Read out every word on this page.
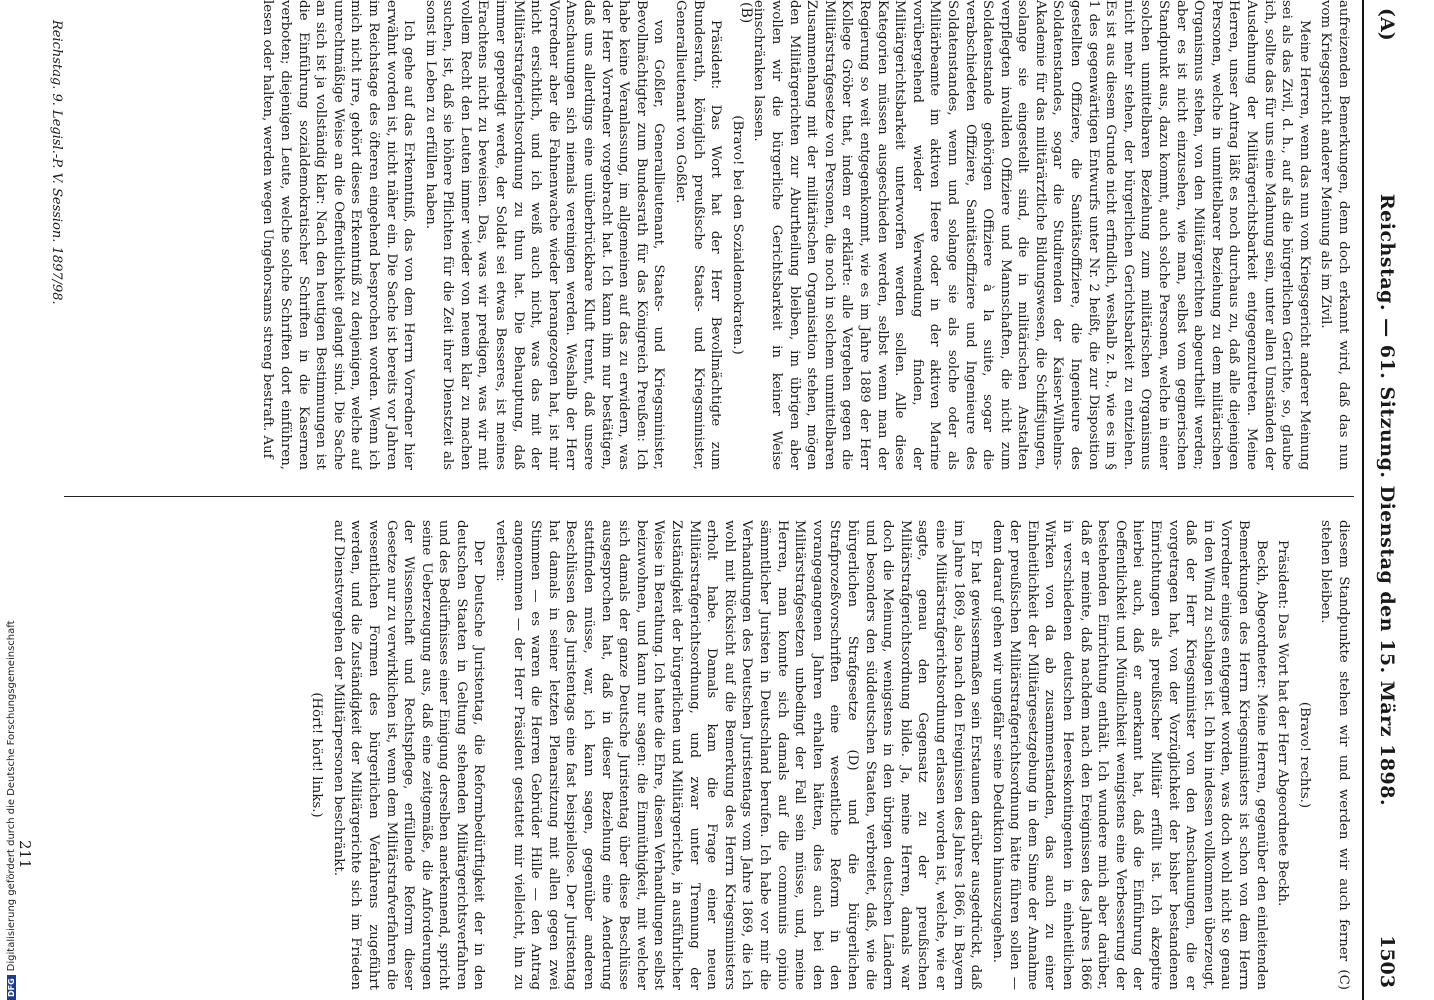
(A)
Reichstag. — 61. Sitzung. Dienstag den 15. März 1898.
1503

aufreizenden Bemerkungen, denn doch erkannt wird, daß das nun vom Kriegsgericht anderer Meinung als im Zivil.

Meine Herren, wenn das nun vom Kriegsgericht anderer Meinung sei als das Zivil, d. h., auf als die bürgerlichen Gerichte, so, glaube ich, sollte das für uns eine Mahnung sein, unter allen Umständen der Ausdehnung der Militärgerichtsbarkeit entgegenzutreten. Meine Herren, unser Antrag läßt es noch durchaus zu, daß alle diejenigen Personen, welche in unmittelbarer Beziehung zu dem militärischen Organismus stehen, von den Militärgerichten abgeurtheilt werden; aber es ist nicht einzusehen, wie man, selbst vom gegnerischen Standpunkt aus, dazu kommt, auch solche Personen, welche in einer solchen unmittelbaren Beziehung zum militärischen Organismus nicht mehr stehen, der bürgerlichen Gerichtsbarkeit zu entziehen. Es ist aus diesem Grunde nicht erfindlich, weshalb z. B., wie es im § 1 des gegenwärtigen Entwurfs unter Nr. 2 heißt, die zur Disposition gestellten Offiziere, die Sanitätsoffiziere, die Ingenieure des Soldatenstandes, sogar die Studirenden der Kaiser-Wilhelms-Akademie für das militärärztliche Bildungswesen, die Schiffsjungen, solange sie eingestellt sind, die in militärischen Anstalten verpflegten invaliden Offiziere und Mannschaften, die nicht zum Soldatenstande gehörigen Offiziere à la suite, sogar die verabschiedeten Offiziere, Sanitätsoffiziere und Ingenieure des Soldatenstandes, wenn und solange sie als solche oder als Militärbeamte im aktiven Heere oder in der aktiven Marine vorübergehend wieder Verwendung finden, der Militärgerichtsbarkeit unterworfen werden sollen. Alle diese Kategorien müssen ausgeschieden werden, selbst wenn man der Regierung so weit entgegenkommt, wie es im Jahre 1889 der Herr Kollege Gröber that, indem er erklärte: alle Vergehen gegen die Militärstrafgesetze von Personen, die noch in solchem unmittelbaren Zusammenhang mit der militärischen Organisation stehen, mögen den Militärgerichten zur Aburtheilung bleiben, im übrigen aber wollen wir die bürgerliche Gerichtsbarkeit in keiner Weise einschränken lassen.

(Bravo! bei den Sozialdemokraten.)

Präsident: Das Wort hat der Herr Bevollmächtigte zum Bundesrath, königlich preußische Staats- und Kriegsminister, Generallieutenant von Goßler.

von Goßler, Generallieutenant, Staats- und Kriegsminister, Bevollmächtigter zum Bundesrath für das Königreich Preußen: Ich habe keine Veranlassung, im allgemeinen auf das zu erwidern, was der Herr Vorredner vorgebracht hat. Ich kann ihm nur bestätigen, daß uns allerdings eine unüberbrückbare Kluft trennt, daß unsere Anschauungen sich niemals vereinigen werden. Weshalb der Herr Vorredner aber die Fahnenwache wieder herangezogen hat, ist mir nicht ersichtlich, und ich weiß auch nicht, was das mit der Militärstrafgerichtsordnung zu thun hat. Die Behauptung, daß immer gepredigt werde, der Soldat sei etwas Besseres, ist meines Erachtens nicht zu beweisen. Das, was wir predigen, was wir mit vollem Recht den Leuten immer wieder von neuem klar zu machen suchen, ist, daß sie höhere Pflichten für die Zeit ihrer Dienstzeit als sonst im Leben zu erfüllen haben.

Ich gehe auf das Erkenntniß, das von dem Herrn Vorredner hier erwähnt worden ist, nicht näher ein. Die Sache ist bereits vor Jahren im Reichstage des öfteren eingehend besprochen worden. Wenn ich mich nicht irre, gehört dieses Erkenntniß zu denjenigen, welche auf unrechtmäßige Weise an die Oeffentlichkeit gelangt sind. Die Sache an sich ist ja vollständig klar: Nach den heutigen Bestimmungen ist die Einführung sozialdemokratischer Schriften in die Kasernen verboten; diejenigen Leute, welche solche Schriften dort einführen, lesen oder halten, werden wegen Ungehorsams streng bestraft. Auf

diesem Standpunkte stehen wir und werden wir auch ferner (C) stehen bleiben.

(Bravo! rechts.)

Präsident: Das Wort hat der Herr Abgeordnete Beckh.

Beckh, Abgeordneter: Meine Herren, gegenüber den einleitenden Bemerkungen des Herrn Kriegsministers ist schon von dem Herrn Vorredner einiges entgegnet worden, was doch wohl nicht so genau in den Wind zu schlagen ist. Ich bin indessen vollkommen überzeugt, daß der Herr Kriegsminister von den Anschauungen, die er vorgetragen hat, von der Vorzüglichkeit der bisher bestandenen Einrichtungen als preußischer Militär erfüllt ist. Ich akzeptire hierbei auch, daß er anerkannt hat, daß die Einführung der Oeffentlichkeit und Mündlichkeit wenigstens eine Verbesserung der bestehenden Einrichtung enthält. Ich wundere mich aber darüber, daß er meinte, daß nachdem nach den Ereignissen des Jahres 1866 in verschiedenen deutschen Heereskontingenten in einheitlichen Wirken von da ab zusammenstanden, das auch zu einer Einheitlichkeit der Militärgesetzgebung in dem Sinne der Annahme der preußischen Militärstrafgerichtsordnung hätte führen sollen — denn darauf gehen wir ungefähr seine Deduktion hinauszugehen.

Er hat gewissermaßen sein Erstaunen darüber ausgedrückt, daß im Jahre 1869, also nach den Ereignissen des Jahres 1866, in Bayern eine Militärstrafgerichtsordnung erlassen worden ist, welche, wie er sagte, genau den Gegensatz zu der preußischen Militärstrafgerichtsordnung bilde. Ja, meine Herren, damals war doch die Meinung, wenigstens in den übrigen deutschen Ländern und besonders den süddeutschen Staaten, verbreitet, daß, wie die bürgerlichen Strafgesetze (D) und die bürgerlichen Strafprozeßvorschriften eine wesentliche Reform in den vorangegangenen Jahren erhalten hätten, dies auch bei den Militärstrafgesetzen unbedingt der Fall sein müsse, und, meine Herren, man konnte sich damals auf die communis opinio sämmtlicher Juristen in Deutschland berufen. Ich habe vor mir die Verhandlungen des Deutschen Juristentags vom Jahre 1869, die ich wohl mit Rücksicht auf die Bemerkung des Herrn Kriegsministers erholt habe. Damals kam die Frage einer neuen Militärstrafgerichtsordnung, und zwar unter Trennung der Zuständigkeit der bürgerlichen und Militärgerichte, in ausführlicher Weise in Berathung. Ich hatte die Ehre, diesen Verhandlungen selbst beizuwohnen, und kann nur sagen: die Einmüthigkeit, mit welcher sich damals der ganze Deutsche Juristentag über diese Beschlüsse ausgesprochen hat, daß in dieser Beziehung eine Aenderung stattfinden müsse, war, ich kann sagen, gegenüber anderen Beschlüssen des Juristentags eine fast beispiellose. Der Juristentag hat damals in seiner letzten Plenarsitzung mit allen gegen zwei Stimmen — es waren die Herren Gebrüder Hille — den Antrag angenommen — der Herr Präsident gestattet mir vielleicht, ihn zu verlesen:

Der Deutsche Juristentag, die Reformbedürftigkeit der in den deutschen Staaten in Geltung stehenden Militärgerichtsverfahren und des Bedürfnisses einer Einigung derselben anerkennend, spricht seine Ueberzeugung aus, daß eine zeitgemäße, die Anforderungen der Wissenschaft und Rechtspflege, erfüllende Reform dieser Gesetze nur zu verwirklichen ist, wenn dem Militärstrafverfahren die wesentlichen Formen des bürgerlichen Verfahrens zugeführt werden, und die Zuständigkeit der Militärgerichte sich im Frieden auf Dienstvergehen der Militärpersonen beschränkt.

(Hört! hört! links.)

(B)
Reichstag. 9. Legisl.-P. V. Session. 1897/98.
211
DFGDigitalisierung gefördert durch die Deutsche Forschungsgemeinschaft
